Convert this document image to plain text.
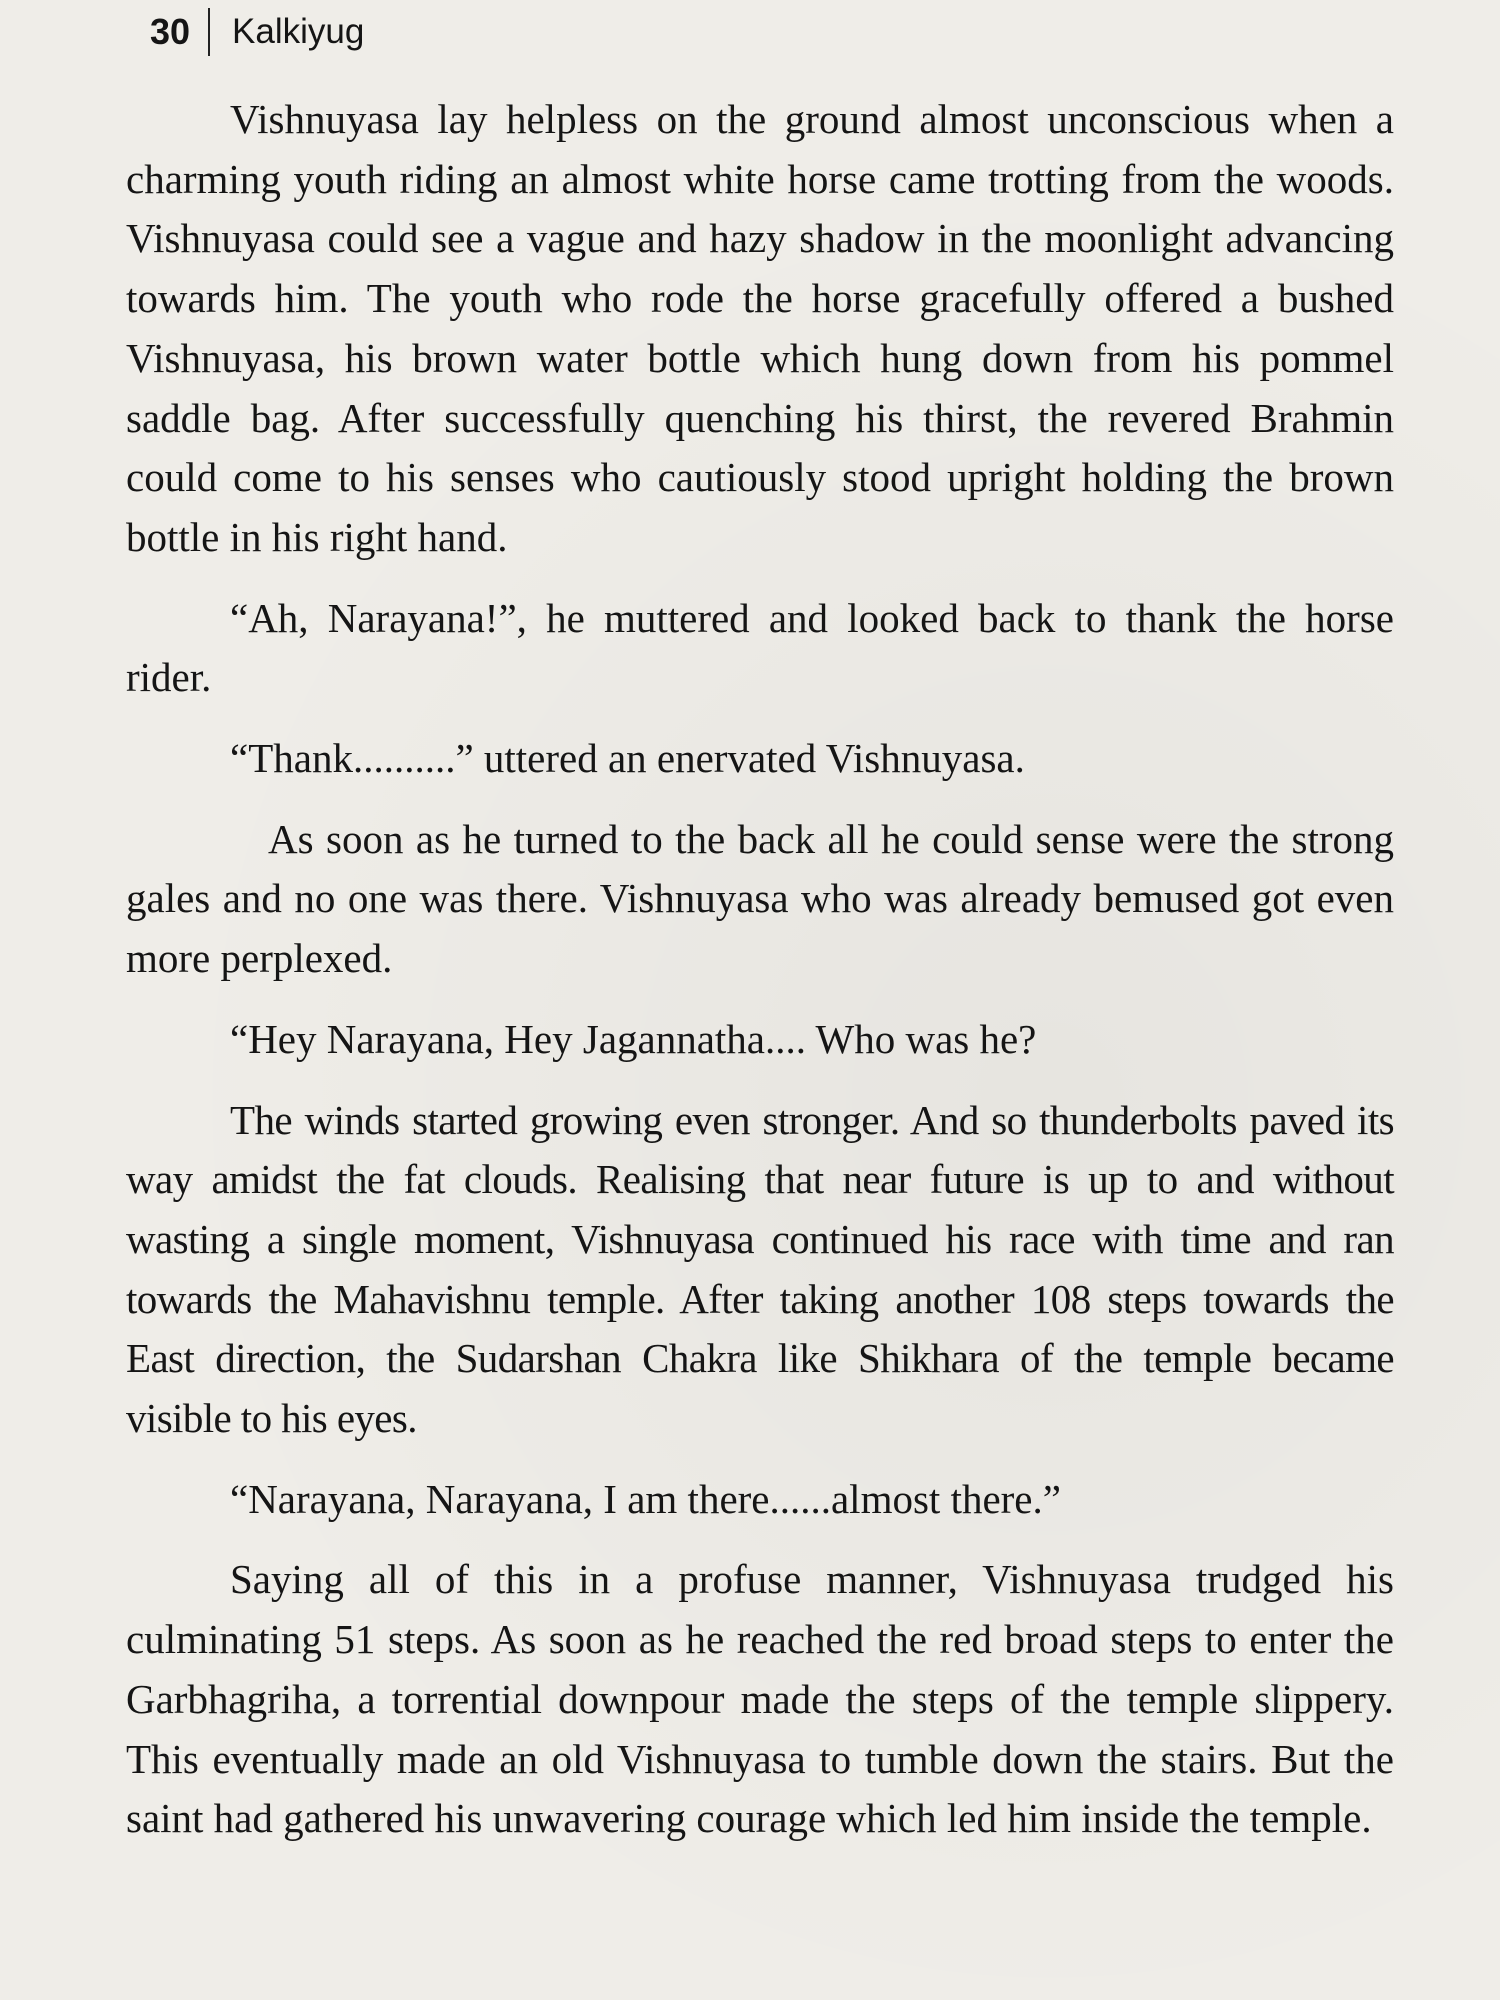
30	Kalkiyug

Vishnuyasa lay helpless on the ground almost unconscious when a charming youth riding an almost white horse came trotting from the woods. Vishnuyasa could see a vague and hazy shadow in the moonlight advancing towards him. The youth who rode the horse gracefully offered a bushed Vishnuyasa, his brown water bottle which hung down from his pommel saddle bag. After successfully quenching his thirst, the revered Brahmin could come to his senses who cautiously stood upright holding the brown bottle in his right hand.

“Ah, Narayana!”, he muttered and looked back to thank the horse rider.

“Thank..........” uttered an enervated Vishnuyasa.

As soon as he turned to the back all he could sense were the strong gales and no one was there. Vishnuyasa who was already bemused got even more perplexed.

“Hey Narayana, Hey Jagannatha.... Who was he?

The winds started growing even stronger. And so thunderbolts paved its way amidst the fat clouds. Realising that near future is up to and without wasting a single moment, Vishnuyasa continued his race with time and ran towards the Mahavishnu temple. After taking another 108 steps towards the East direction, the Sudarshan Chakra like Shikhara of the temple became visible to his eyes.

“Narayana, Narayana, I am there......almost there.”

Saying all of this in a profuse manner, Vishnuyasa trudged his culminating 51 steps. As soon as he reached the red broad steps to enter the Garbhagriha, a torrential downpour made the steps of the temple slippery. This eventually made an old Vishnuyasa to tumble down the stairs. But the saint had gathered his unwavering courage which led him inside the temple.
